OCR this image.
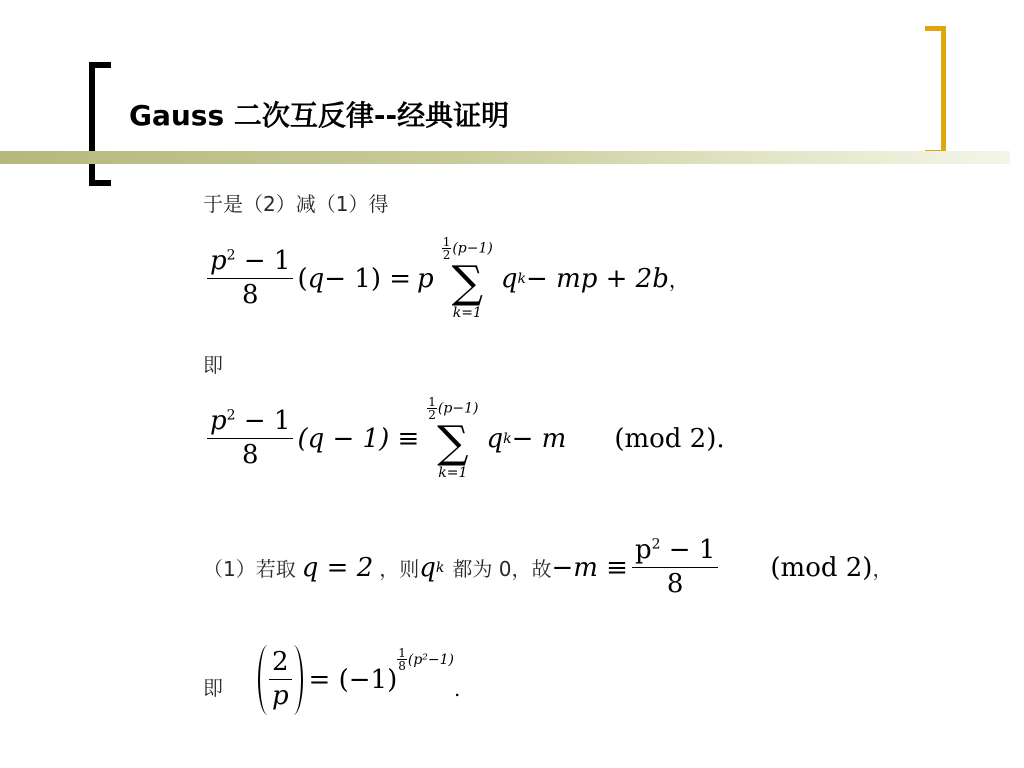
Gauss 二次互反律--经典证明
于是（2）减（1）得
$\frac{p^2 - 1}{8}$ ( q − 1) = p
$\frac{1}{2} (p-1)$
∑
k=1
q k − mp + 2b ，
即
$\frac{p^2 - 1}{8} (q - 1)$ ≡
$\frac{1}{2} (p-1)$
∑
k=1
q k − m (mod 2) .
（1）若取 q = 2 ，则 q k 都为 0，故 $-m \equiv \frac{p^2 - 1}{8} (mod$ 2) ，
即 $\frac{2}{p} = (-1)$
$\frac{1}{8} (p^2-1)$
.
